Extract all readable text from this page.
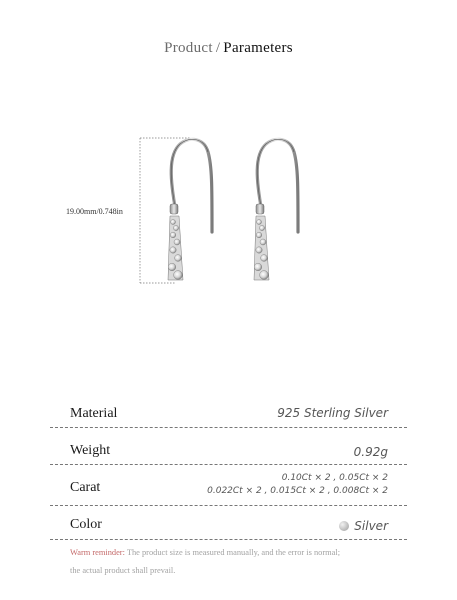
Product / Parameters
19.00mm/0.748in
Material	925 Sterling Silver
Weight	0.92g
Carat
0.10Ct × 2 , 0.05Ct × 2
0.022Ct × 2 , 0.015Ct × 2 , 0.008Ct × 2
Color	Silver
Warm reminder: The product size is measured manually, and the error is normal;
the actual product shall prevail.
